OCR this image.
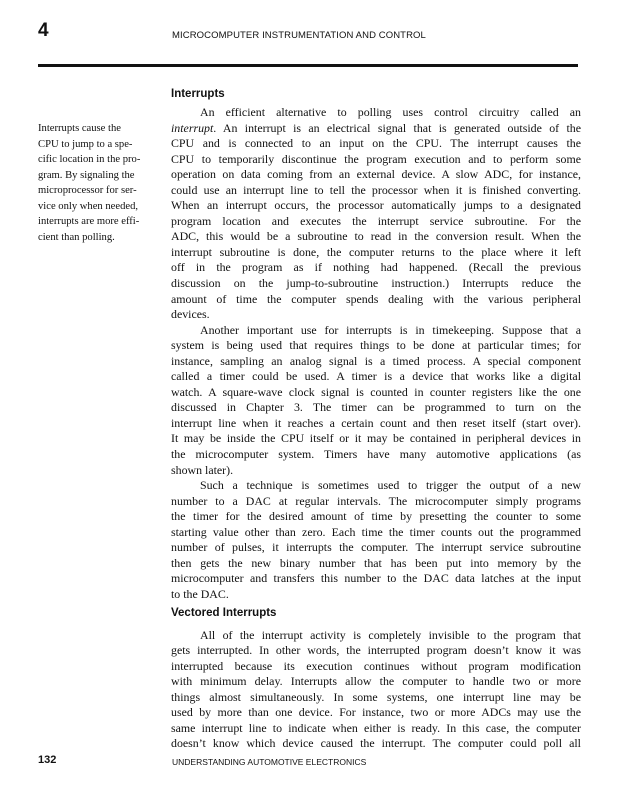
4	MICROCOMPUTER INSTRUMENTATION AND CONTROL
Interrupts cause the
CPU to jump to a spe-
cific location in the pro-
gram. By signaling the
microprocessor for ser-
vice only when needed,
interrupts are more effi-
cient than polling.
Interrupts
An efficient alternative to polling uses control circuitry called an
interrupt. An interrupt is an electrical signal that is generated outside of the
CPU and is connected to an input on the CPU. The interrupt causes the
CPU to temporarily discontinue the program execution and to perform some
operation on data coming from an external device. A slow ADC, for instance,
could use an interrupt line to tell the processor when it is finished converting.
When an interrupt occurs, the processor automatically jumps to a designated
program location and executes the interrupt service subroutine. For the
ADC, this would be a subroutine to read in the conversion result. When the
interrupt subroutine is done, the computer returns to the place where it left
off in the program as if nothing had happened. (Recall the previous
discussion on the jump-to-subroutine instruction.) Interrupts reduce the
amount of time the computer spends dealing with the various peripheral
devices.
Another important use for interrupts is in timekeeping. Suppose that a
system is being used that requires things to be done at particular times; for
instance, sampling an analog signal is a timed process. A special component
called a timer could be used. A timer is a device that works like a digital
watch. A square-wave clock signal is counted in counter registers like the one
discussed in Chapter 3. The timer can be programmed to turn on the
interrupt line when it reaches a certain count and then reset itself (start over).
It may be inside the CPU itself or it may be contained in peripheral devices in
the microcomputer system. Timers have many automotive applications (as
shown later).
Such a technique is sometimes used to trigger the output of a new
number to a DAC at regular intervals. The microcomputer simply programs
the timer for the desired amount of time by presetting the counter to some
starting value other than zero. Each time the timer counts out the programmed
number of pulses, it interrupts the computer. The interrupt service subroutine
then gets the new binary number that has been put into memory by the
microcomputer and transfers this number to the DAC data latches at the input
to the DAC.
Vectored Interrupts
All of the interrupt activity is completely invisible to the program that
gets interrupted. In other words, the interrupted program doesn’t know it was
interrupted because its execution continues without program modification
with minimum delay. Interrupts allow the computer to handle two or more
things almost simultaneously. In some systems, one interrupt line may be
used by more than one device. For instance, two or more ADCs may use the
same interrupt line to indicate when either is ready. In this case, the computer
doesn’t know which device caused the interrupt. The computer could poll all
132	UNDERSTANDING AUTOMOTIVE ELECTRONICS
